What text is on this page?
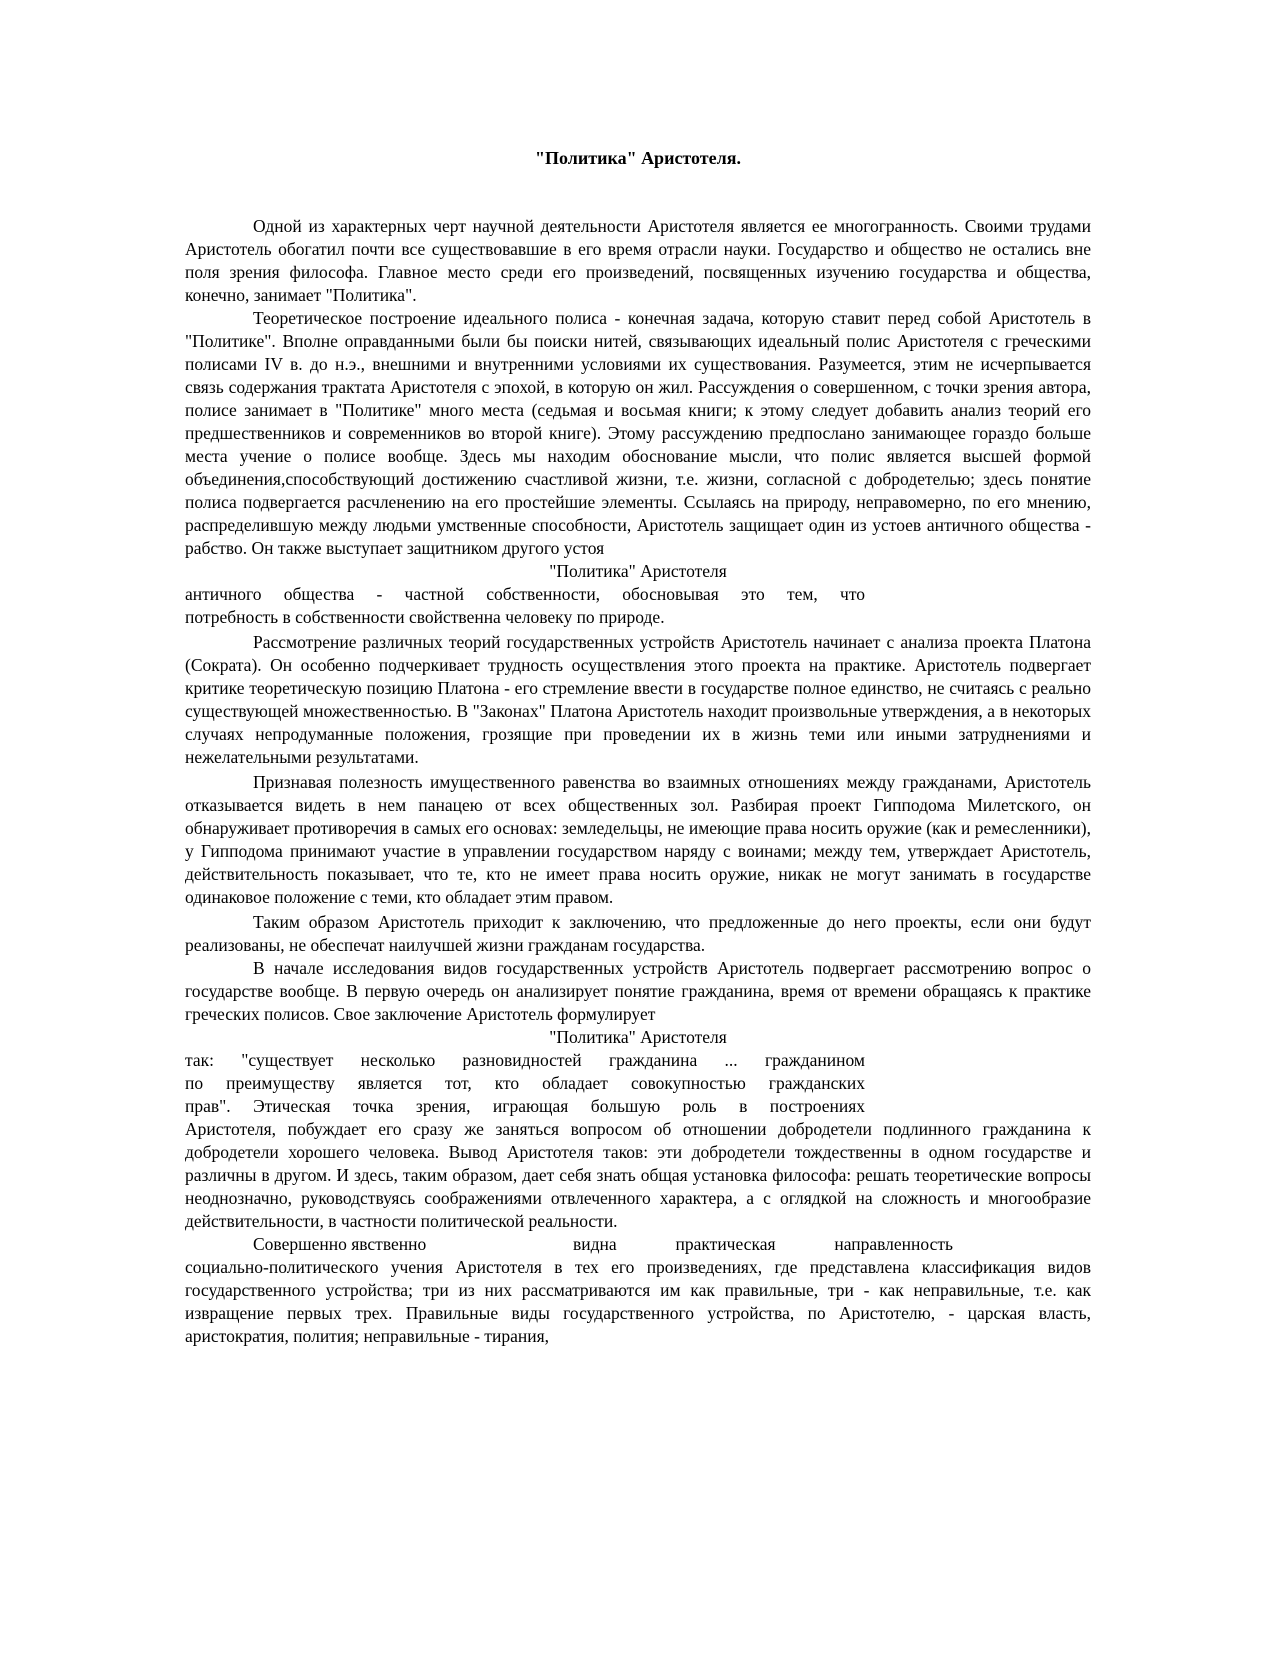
"Политика" Аристотеля.

Одной из характерных черт научной деятельности Аристотеля является ее многогранность. Своими трудами Аристотель обогатил почти все существовавшие в его время отрасли науки. Государство и общество не остались вне поля зрения философа. Главное место среди его произведений, посвященных изучению государства и общества, конечно, занимает "Политика".

Теоретическое построение идеального полиса - конечная задача, которую ставит перед собой Аристотель в "Политике". Вполне оправданными были бы поиски нитей, связывающих идеальный полис Аристотеля с греческими полисами IV в. до н.э., внешними и внутренними условиями их существования. Разумеется, этим не исчерпывается связь содержания трактата Аристотеля с эпохой, в которую он жил. Рассуждения о совершенном, с точки зрения автора, полисе занимает в "Политике" много места (седьмая и восьмая книги; к этому следует добавить анализ теорий его предшественников и современников во второй книге). Этому рассуждению предпослано занимающее гораздо больше места учение о полисе вообще. Здесь мы находим обоснование мысли, что полис является высшей формой объединения,способствующий достижению счастливой жизни, т.е. жизни, согласной с добродетелью; здесь понятие полиса подвергается расчленению на его простейшие элементы. Ссылаясь на природу, неправомерно, по его мнению, распределившую между людьми умственные способности, Аристотель защищает один из устоев античного общества - рабство. Он также выступает защитником другого устоя

"Политика" Аристотеля

античного общества - частной собственности, обосновывая это тем, что

потребность в собственности свойственна человеку по природе.

Рассмотрение различных теорий государственных устройств Аристотель начинает с анализа проекта Платона (Сократа). Он особенно подчеркивает трудность осуществления этого проекта на практике. Аристотель подвергает критике теоретическую позицию Платона - его стремление ввести в государстве полное единство, не считаясь с реально существующей множественностью. В "Законах" Платона Аристотель находит произвольные утверждения, а в некоторых случаях непродуманные положения, грозящие при проведении их в жизнь теми или иными затруднениями и нежелательными результатами.

Признавая полезность имущественного равенства во взаимных отношениях между гражданами, Аристотель отказывается видеть в нем панацею от всех общественных зол. Разбирая проект Гипподома Милетского, он обнаруживает противоречия в самых его основах: земледельцы, не имеющие права носить оружие (как и ремесленники), у Гипподома принимают участие в управлении государством наряду с воинами; между тем, утверждает Аристотель, действительность показывает, что те, кто не имеет права носить оружие, никак не могут занимать в государстве одинаковое положение с теми, кто обладает этим правом.

Таким образом Аристотель приходит к заключению, что предложенные до него проекты, если они будут реализованы, не обеспечат наилучшей жизни гражданам государства.

В начале исследования видов государственных устройств Аристотель подвергает рассмотрению вопрос о государстве вообще. В первую очередь он анализирует понятие гражданина, время от времени обращаясь к практике греческих полисов. Свое заключение Аристотель формулирует

"Политика" Аристотеля

так: "существует несколько разновидностей гражданина ... гражданином

по преимуществу является тот, кто обладает совокупностью гражданских

прав". Этическая точка зрения, играющая большую роль в построениях

Аристотеля, побуждает его сразу же заняться вопросом об отношении добродетели подлинного гражданина к добродетели хорошего человека. Вывод Аристотеля таков: эти добродетели тождественны в одном государстве и различны в другом. И здесь, таким образом, дает себя знать общая установка философа: решать теоретические вопросы неоднозначно, руководствуясь соображениями отвлеченного характера, а с оглядкой на сложность и многообразие действительности, в частности политической реальности.

Совершенно явственно	видна	практическая	направленность

социально-политического учения Аристотеля в тех его произведениях, где представлена классификация видов государственного устройства; три из них рассматриваются им как правильные, три - как неправильные, т.е. как извращение первых трех. Правильные виды государственного устройства, по Аристотелю, - царская власть, аристократия, полития; неправильные - тирания,
